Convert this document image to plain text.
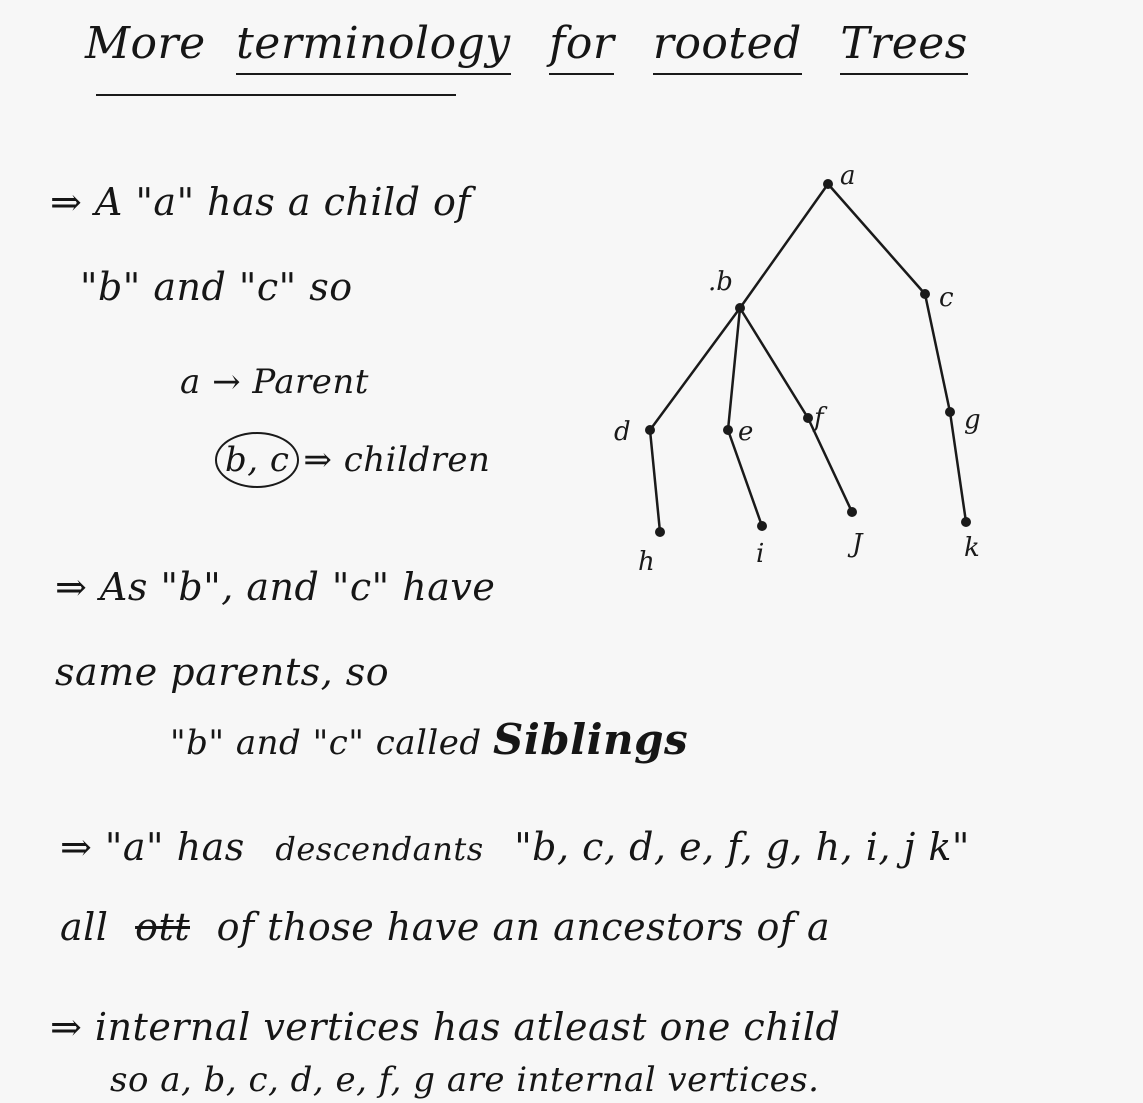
More terminology for rooted Trees
⇒ A "a" has a child of
"b" and "c" so
a → Parent
b, c ⇒ children
a
.b
c
d	e f	g
h	i	J	k
⇒ As "b", and "c" have
same parents, so
"b" and "c" called Siblings
⇒ "a" has descendants "b, c, d, e, f, g, h, i, j k"
all ott of those have an ancestors of a
⇒ internal vertices has atleast one child
so a, b, c, d, e, f, g are internal vertices.
